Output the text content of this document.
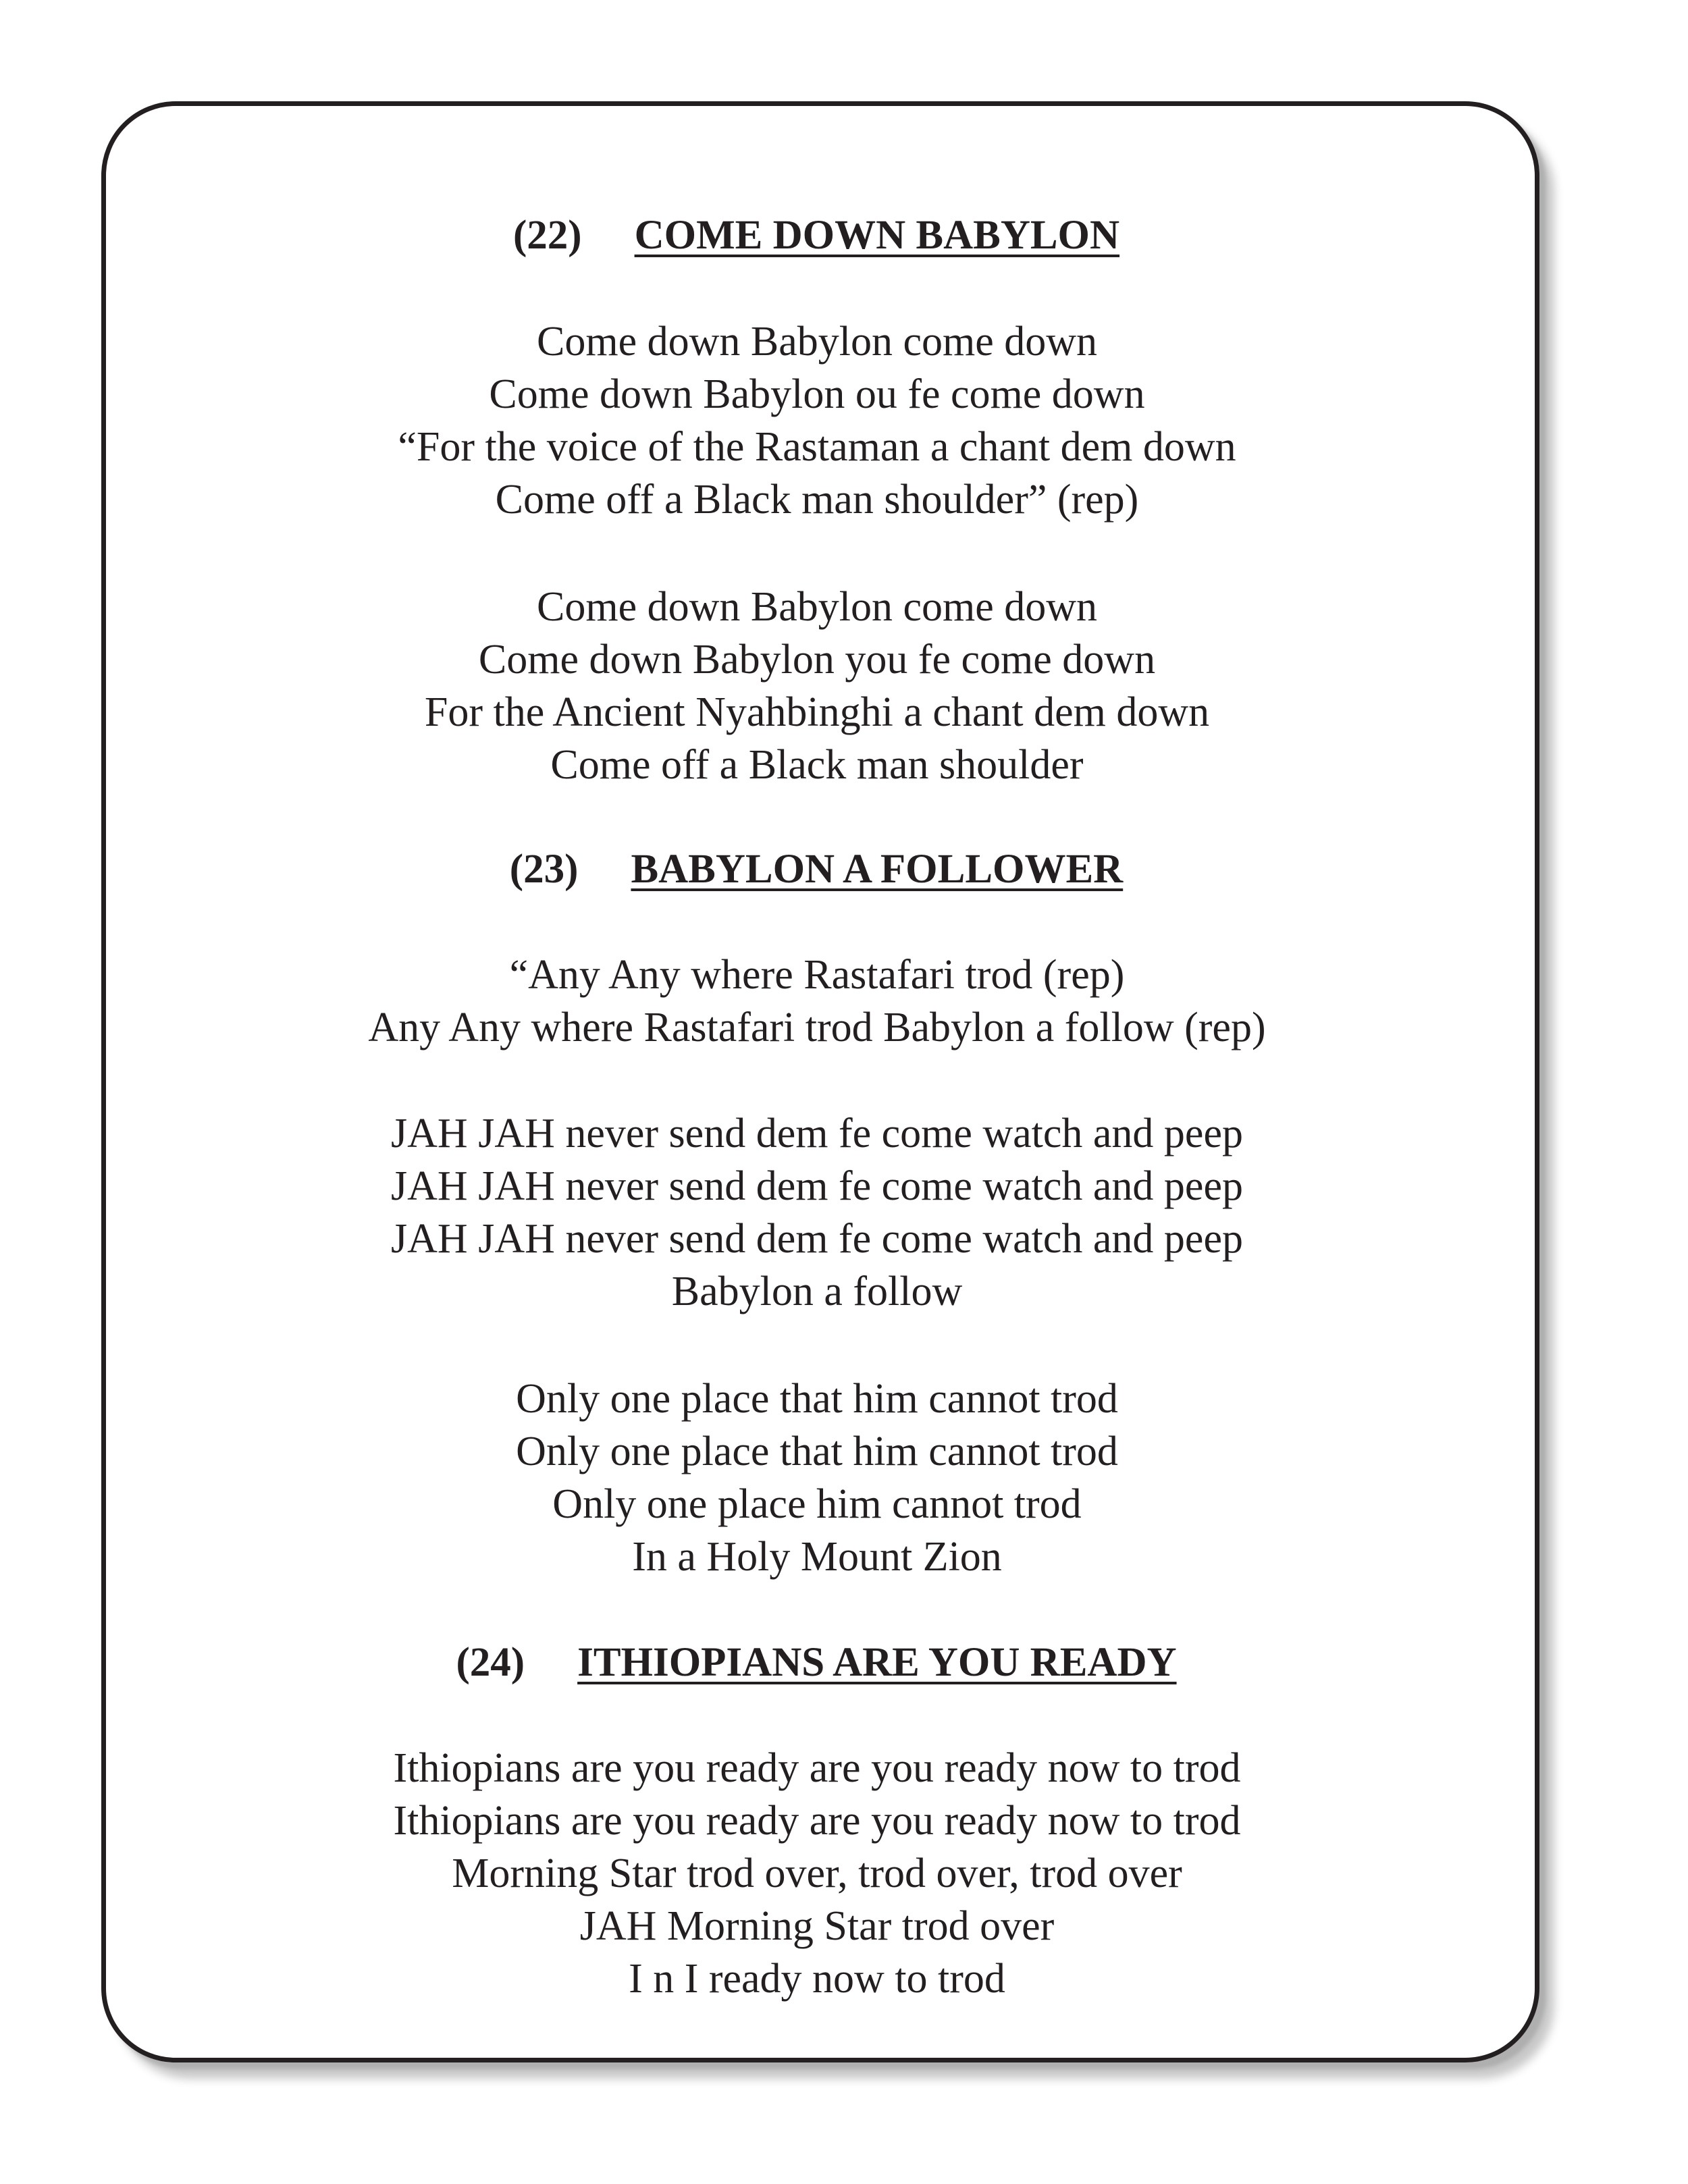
(22) COME DOWN BABYLON
Come down Babylon come down
Come down Babylon ou fe come down
“For the voice of the Rastaman a chant dem down
Come off a Black man shoulder” (rep)
Come down Babylon come down
Come down Babylon you fe come down
For the Ancient Nyahbinghi a chant dem down
Come off a Black man shoulder
(23) BABYLON A FOLLOWER
“Any Any where Rastafari trod (rep)
Any Any where Rastafari trod Babylon a follow (rep)
JAH JAH never send dem fe come watch and peep
JAH JAH never send dem fe come watch and peep
JAH JAH never send dem fe come watch and peep
Babylon a follow
Only one place that him cannot trod
Only one place that him cannot trod
Only one place him cannot trod
In a Holy Mount Zion
(24) ITHIOPIANS ARE YOU READY
Ithiopians are you ready are you ready now to trod
Ithiopians are you ready are you ready now to trod
Morning Star trod over, trod over, trod over
JAH Morning Star trod over
I n I ready now to trod
